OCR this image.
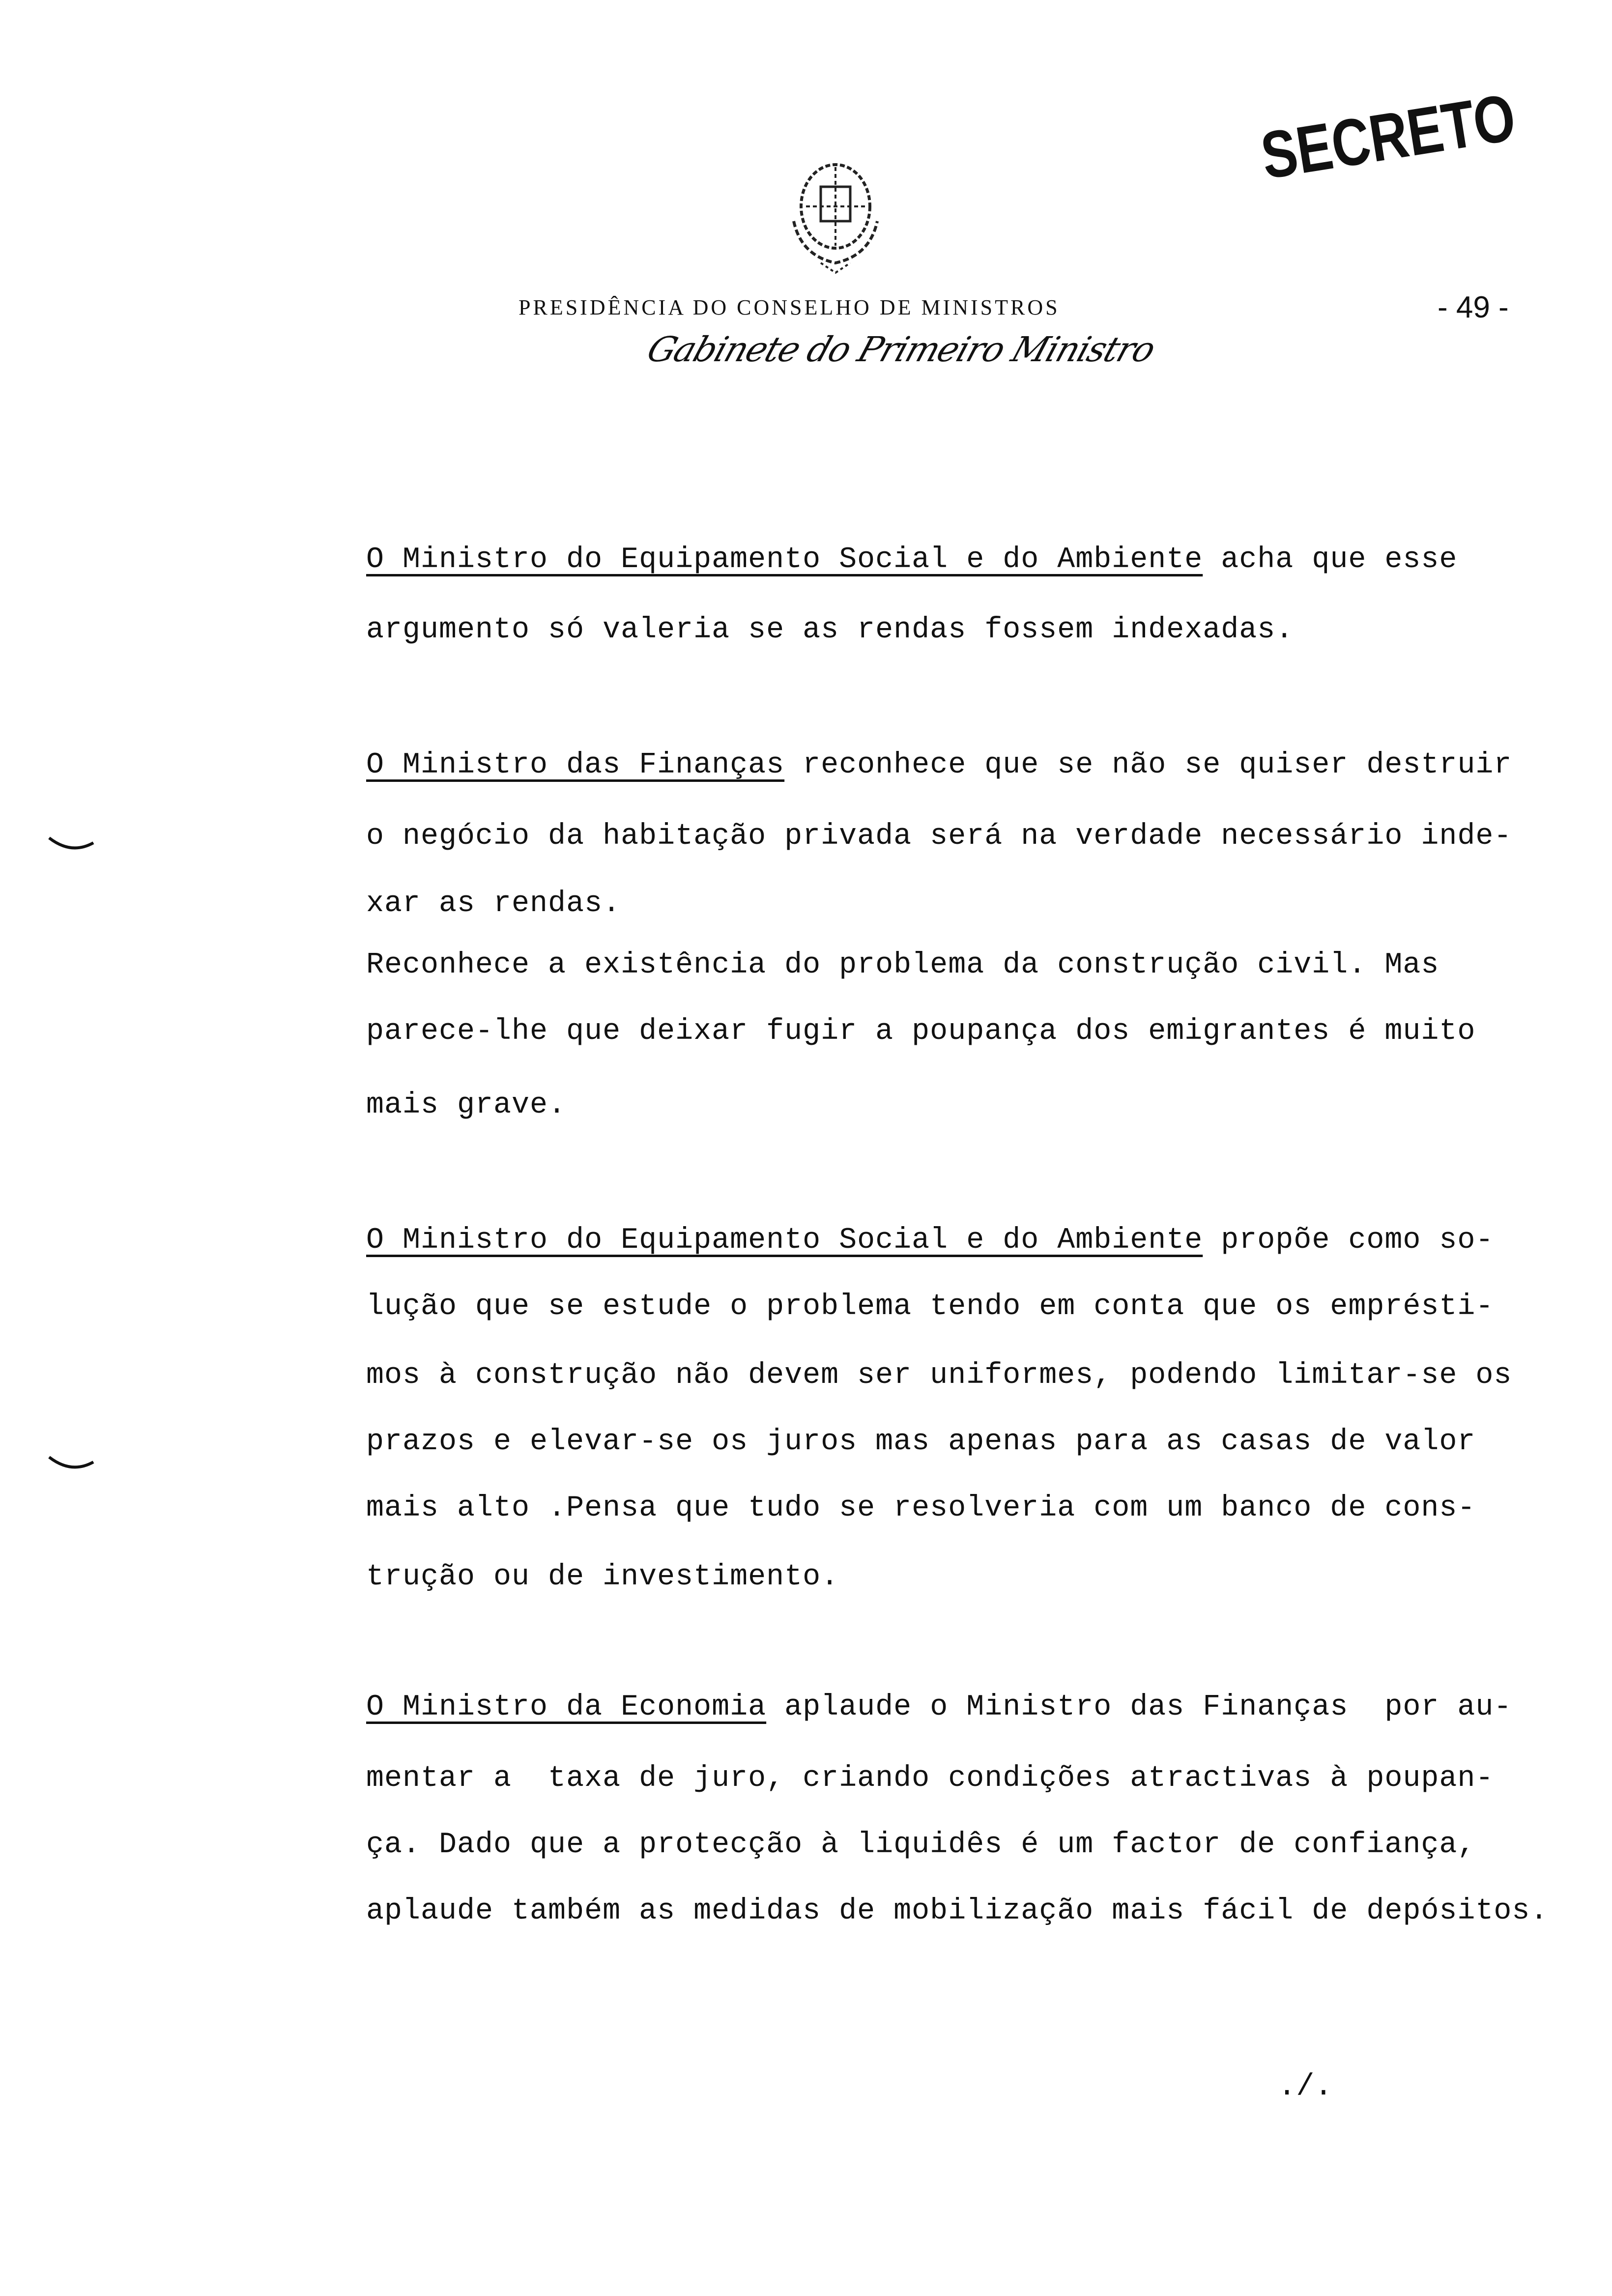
SECRETO
PRESIDÊNCIA DO CONSELHO DE MINISTROS	- 49 -
Gabinete do Primeiro Ministro
O Ministro do Equipamento Social e do Ambiente acha que esse
argumento só valeria se as rendas fossem indexadas.
O Ministro das Finanças reconhece que se não se quiser destruir
o negócio da habitação privada será na verdade necessário inde-
xar as rendas.
Reconhece a existência do problema da construção civil. Mas
parece-lhe que deixar fugir a poupança dos emigrantes é muito
mais grave.
O Ministro do Equipamento Social e do Ambiente propõe como so-
lução que se estude o problema tendo em conta que os emprésti-
mos à construção não devem ser uniformes, podendo limitar-se os
prazos e elevar-se os juros mas apenas para as casas de valor
mais alto .Pensa que tudo se resolveria com um banco de cons-
trução ou de investimento.
O Ministro da Economia aplaude o Ministro das Finanças  por au-
mentar a  taxa de juro, criando condições atractivas à poupan-
ça. Dado que a protecção à liquidês é um factor de confiança,
aplaude também as medidas de mobilização mais fácil de depósitos.
./.
